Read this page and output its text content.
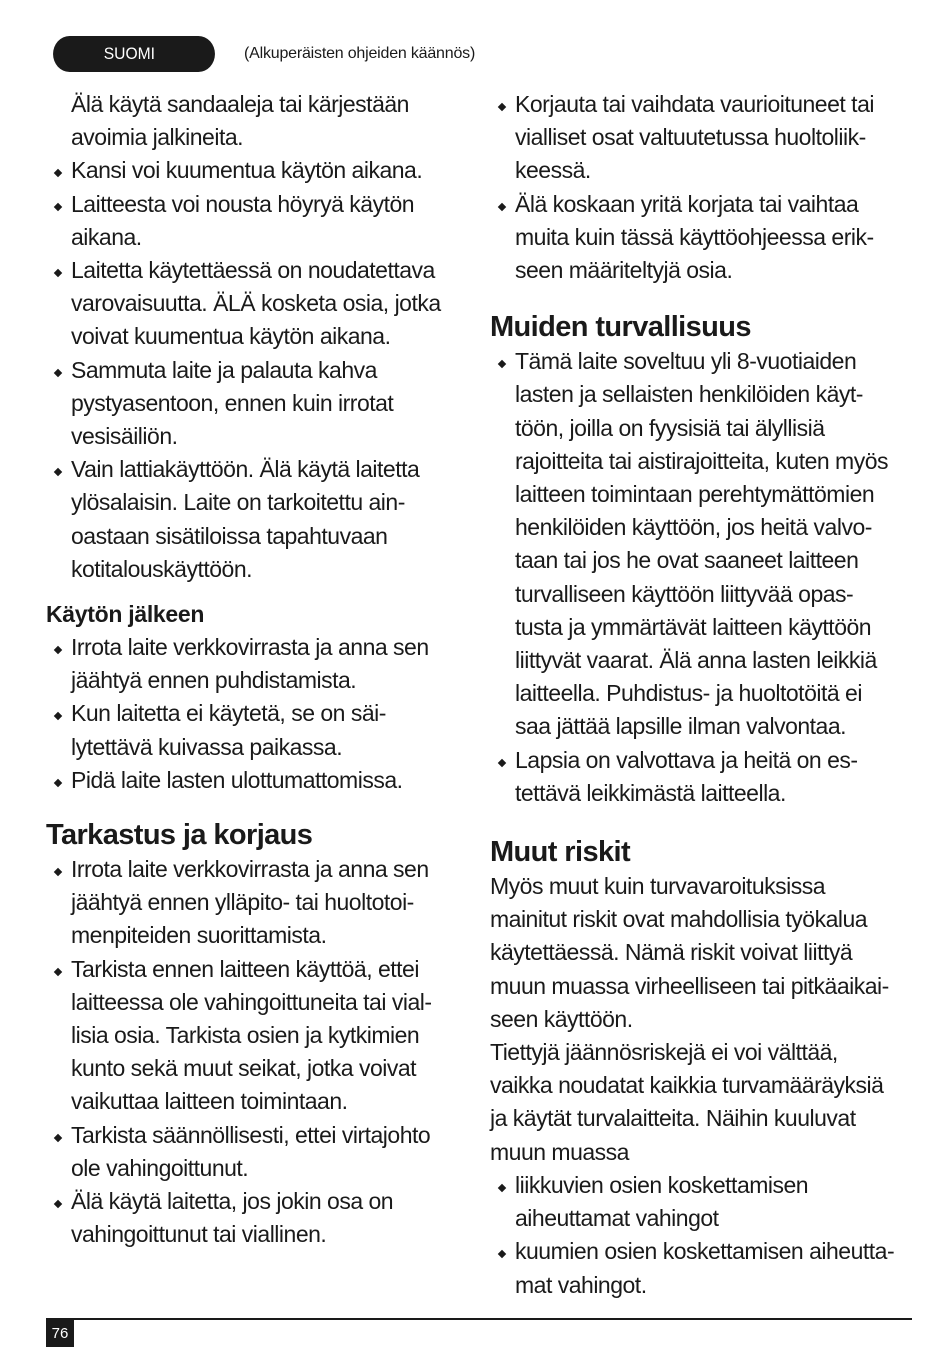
SUOMI	(Alkuperäisten ohjeiden käännös)
Älä käytä sandaaleja tai kärjestään
avoimia jalkineita.
Kansi voi kuumentua käytön aikana.
Laitteesta voi nousta höyryä käytön
aikana.
Laitetta käytettäessä on noudatettava
varovaisuutta. ÄLÄ kosketa osia, jotka
voivat kuumentua käytön aikana.
Sammuta laite ja palauta kahva
pystyasentoon, ennen kuin irrotat
vesisäiliön.
Vain lattiakäyttöön. Älä käytä laitetta
ylösalaisin. Laite on tarkoitettu ain-
oastaan sisätiloissa tapahtuvaan
kotitalouskäyttöön.
Käytön jälkeen
Irrota laite verkkovirrasta ja anna sen
jäähtyä ennen puhdistamista.
Kun laitetta ei käytetä, se on säi-
lytettävä kuivassa paikassa.
Pidä laite lasten ulottumattomissa.
Tarkastus ja korjaus
Irrota laite verkkovirrasta ja anna sen
jäähtyä ennen ylläpito- tai huoltotoi-
menpiteiden suorittamista.
Tarkista ennen laitteen käyttöä, ettei
laitteessa ole vahingoittuneita tai vial-
lisia osia. Tarkista osien ja kytkimien
kunto sekä muut seikat, jotka voivat
vaikuttaa laitteen toimintaan.
Tarkista säännöllisesti, ettei virtajohto
ole vahingoittunut.
Älä käytä laitetta, jos jokin osa on
vahingoittunut tai viallinen.
Korjauta tai vaihdata vaurioituneet tai
vialliset osat valtuutetussa huoltoliik-
keessä.
Älä koskaan yritä korjata tai vaihtaa
muita kuin tässä käyttöohjeessa erik-
seen määriteltyjä osia.
Muiden turvallisuus
Tämä laite soveltuu yli 8-vuotiaiden
lasten ja sellaisten henkilöiden käyt-
töön, joilla on fyysisiä tai älyllisiä
rajoitteita tai aistirajoitteita, kuten myös
laitteen toimintaan perehtymättömien
henkilöiden käyttöön, jos heitä valvo-
taan tai jos he ovat saaneet laitteen
turvalliseen käyttöön liittyvää opas-
tusta ja ymmärtävät laitteen käyttöön
liittyvät vaarat. Älä anna lasten leikkiä
laitteella. Puhdistus- ja huoltotöitä ei
saa jättää lapsille ilman valvontaa.
Lapsia on valvottava ja heitä on es-
tettävä leikkimästä laitteella.
Muut riskit
Myös muut kuin turvavaroituksissa
mainitut riskit ovat mahdollisia työkalua
käytettäessä. Nämä riskit voivat liittyä
muun muassa virheelliseen tai pitkäaikai-
seen käyttöön.
Tiettyjä jäännösriskejä ei voi välttää,
vaikka noudatat kaikkia turvamääräyksiä
ja käytät turvalaitteita. Näihin kuuluvat
muun muassa
liikkuvien osien koskettamisen
aiheuttamat vahingot
kuumien osien koskettamisen aiheutta-
mat vahingot.
76
